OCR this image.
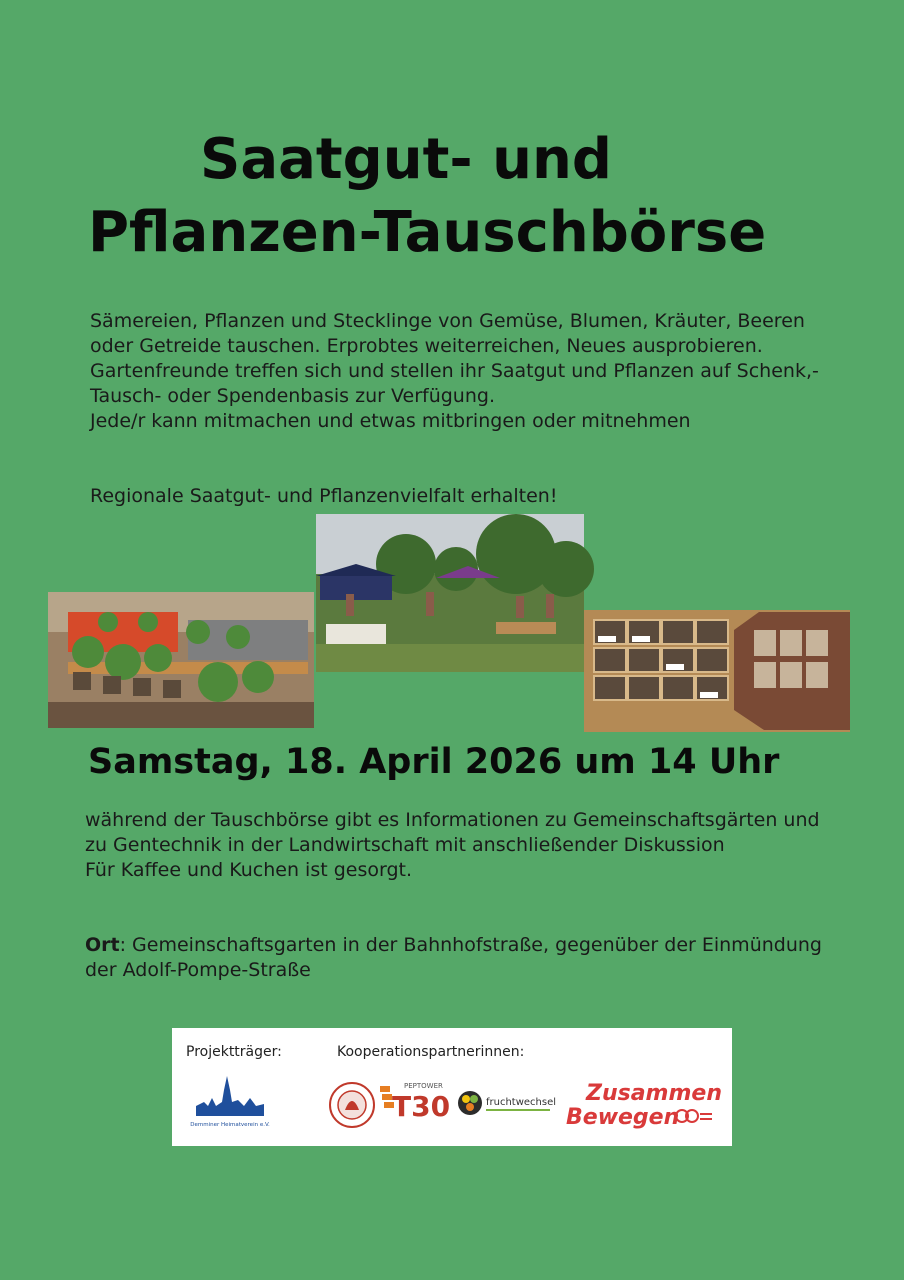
Saatgut- und
Pflanzen-Tauschbörse

Sämereien, Pflanzen und Stecklinge von Gemüse, Blumen, Kräuter, Beeren oder Getreide tauschen. Erprobtes weiterreichen, Neues ausprobieren.

Gartenfreunde treffen sich und stellen ihr Saatgut und Pflanzen auf Schenk,- Tausch- oder Spendenbasis zur Verfügung.

Jede/r kann mitmachen und etwas mitbringen oder mitnehmen

Regionale Saatgut- und Pflanzenvielfalt erhalten!
Samstag, 18. April 2026 um 14 Uhr

während der Tauschbörse gibt es Informationen zu Gemeinschaftsgärten und zu Gentechnik in der Landwirtschaft mit anschließender Diskussion

Für Kaffee und Kuchen ist gesorgt.

Ort: Gemeinschaftsgarten in der Bahnhofstraße, gegenüber der Einmündung der Adolf-Pompe-Straße
Projektträger:	Kooperationspartnerinnen:
Demminer Heimatverein e.V.
T30
PEPTOWER
fruchtwechsel Zusammen
Bewegen
